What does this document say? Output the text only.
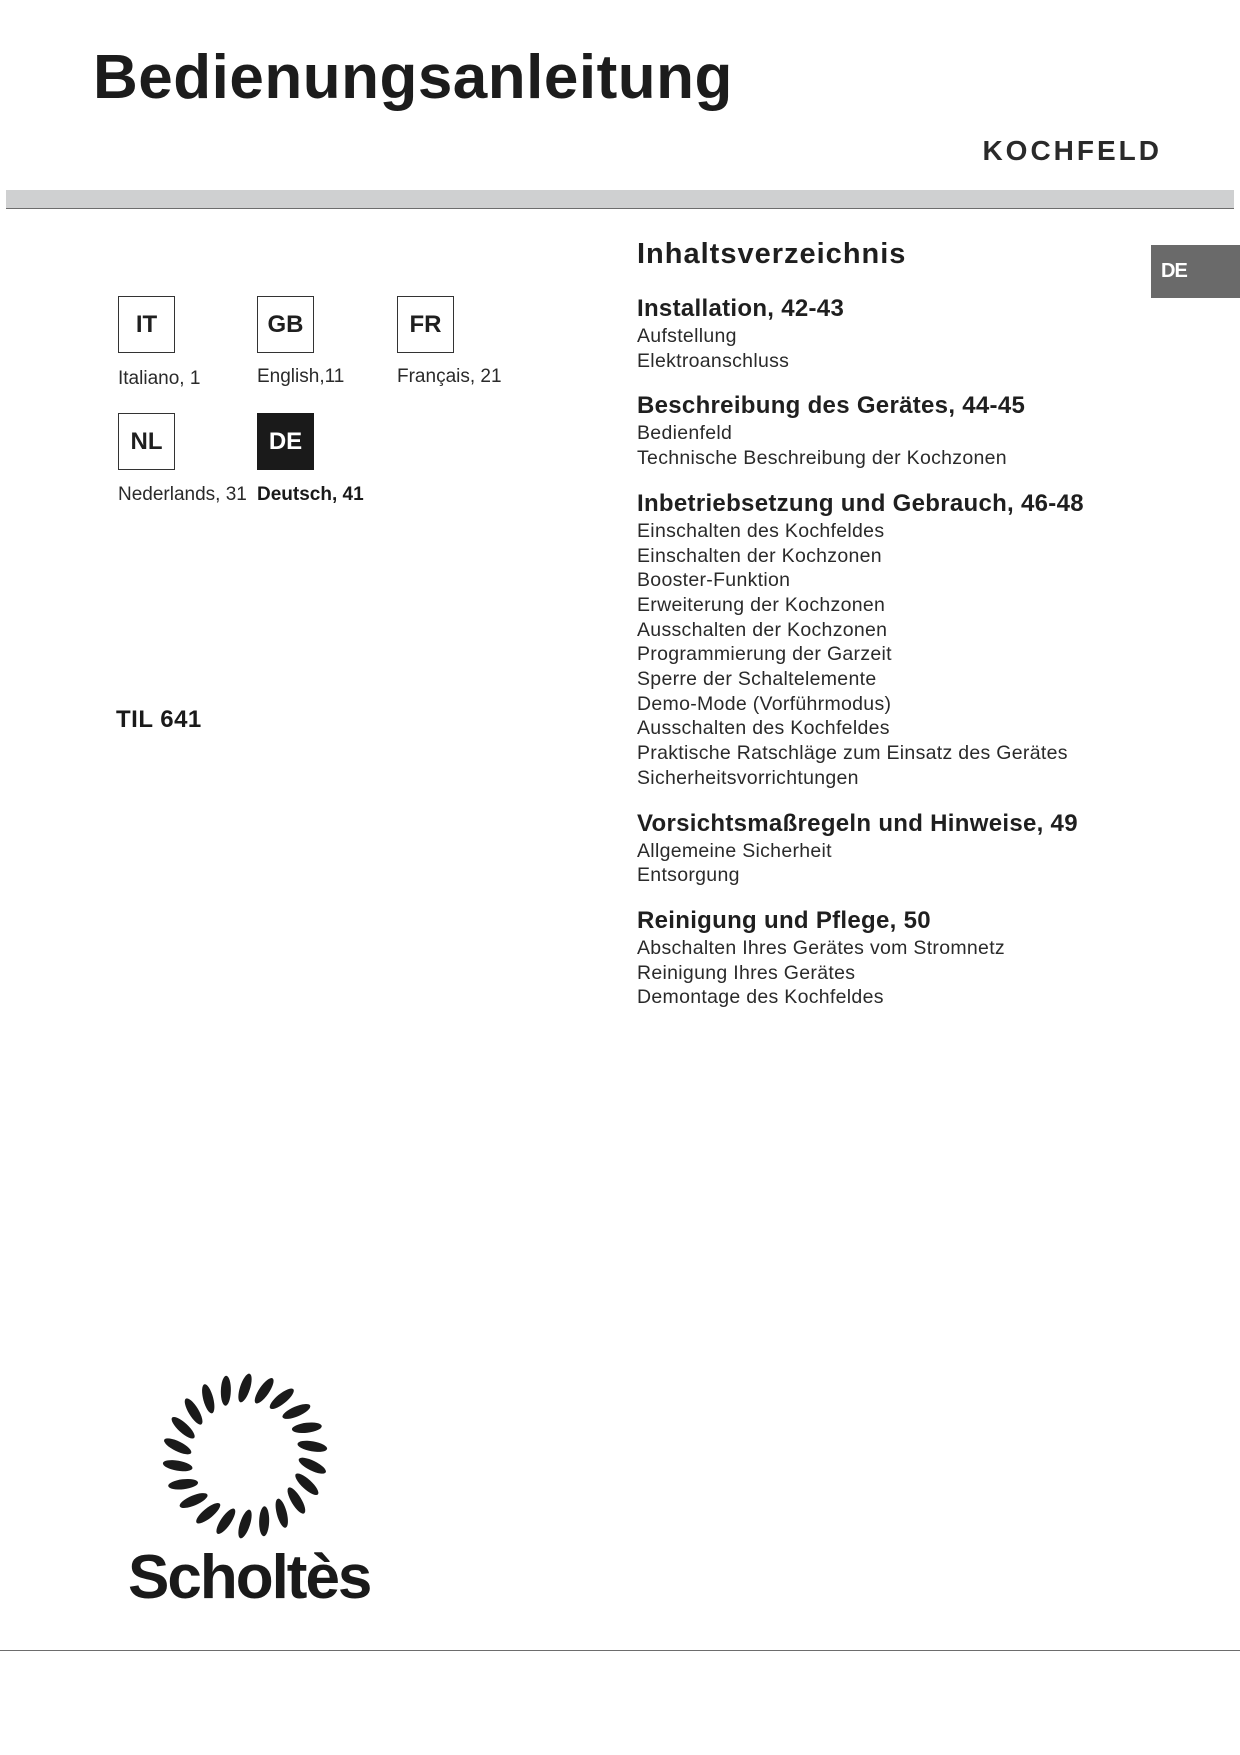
Bedienungsanleitung
KOCHFELD
DE
IT
Italiano, 1
GB
English,11
FR
Français, 21
NL
Nederlands, 31
DE
Deutsch, 41
TIL 641
Inhaltsverzeichnis
Installation, 42-43
Aufstellung
Elektroanschluss
Beschreibung des Gerätes, 44-45
Bedienfeld
Technische Beschreibung der Kochzonen
Inbetriebsetzung und Gebrauch, 46-48
Einschalten des Kochfeldes
Einschalten der Kochzonen
Booster-Funktion
Erweiterung der Kochzonen
Ausschalten der Kochzonen
Programmierung der Garzeit
Sperre der Schaltelemente
Demo-Mode (Vorführmodus)
Ausschalten des Kochfeldes
Praktische Ratschläge zum Einsatz des Gerätes
Sicherheitsvorrichtungen
Vorsichtsmaßregeln und Hinweise, 49
Allgemeine Sicherheit
Entsorgung
Reinigung und Pflege, 50
Abschalten Ihres Gerätes vom Stromnetz
Reinigung Ihres Gerätes
Demontage des Kochfeldes
Scholtès
